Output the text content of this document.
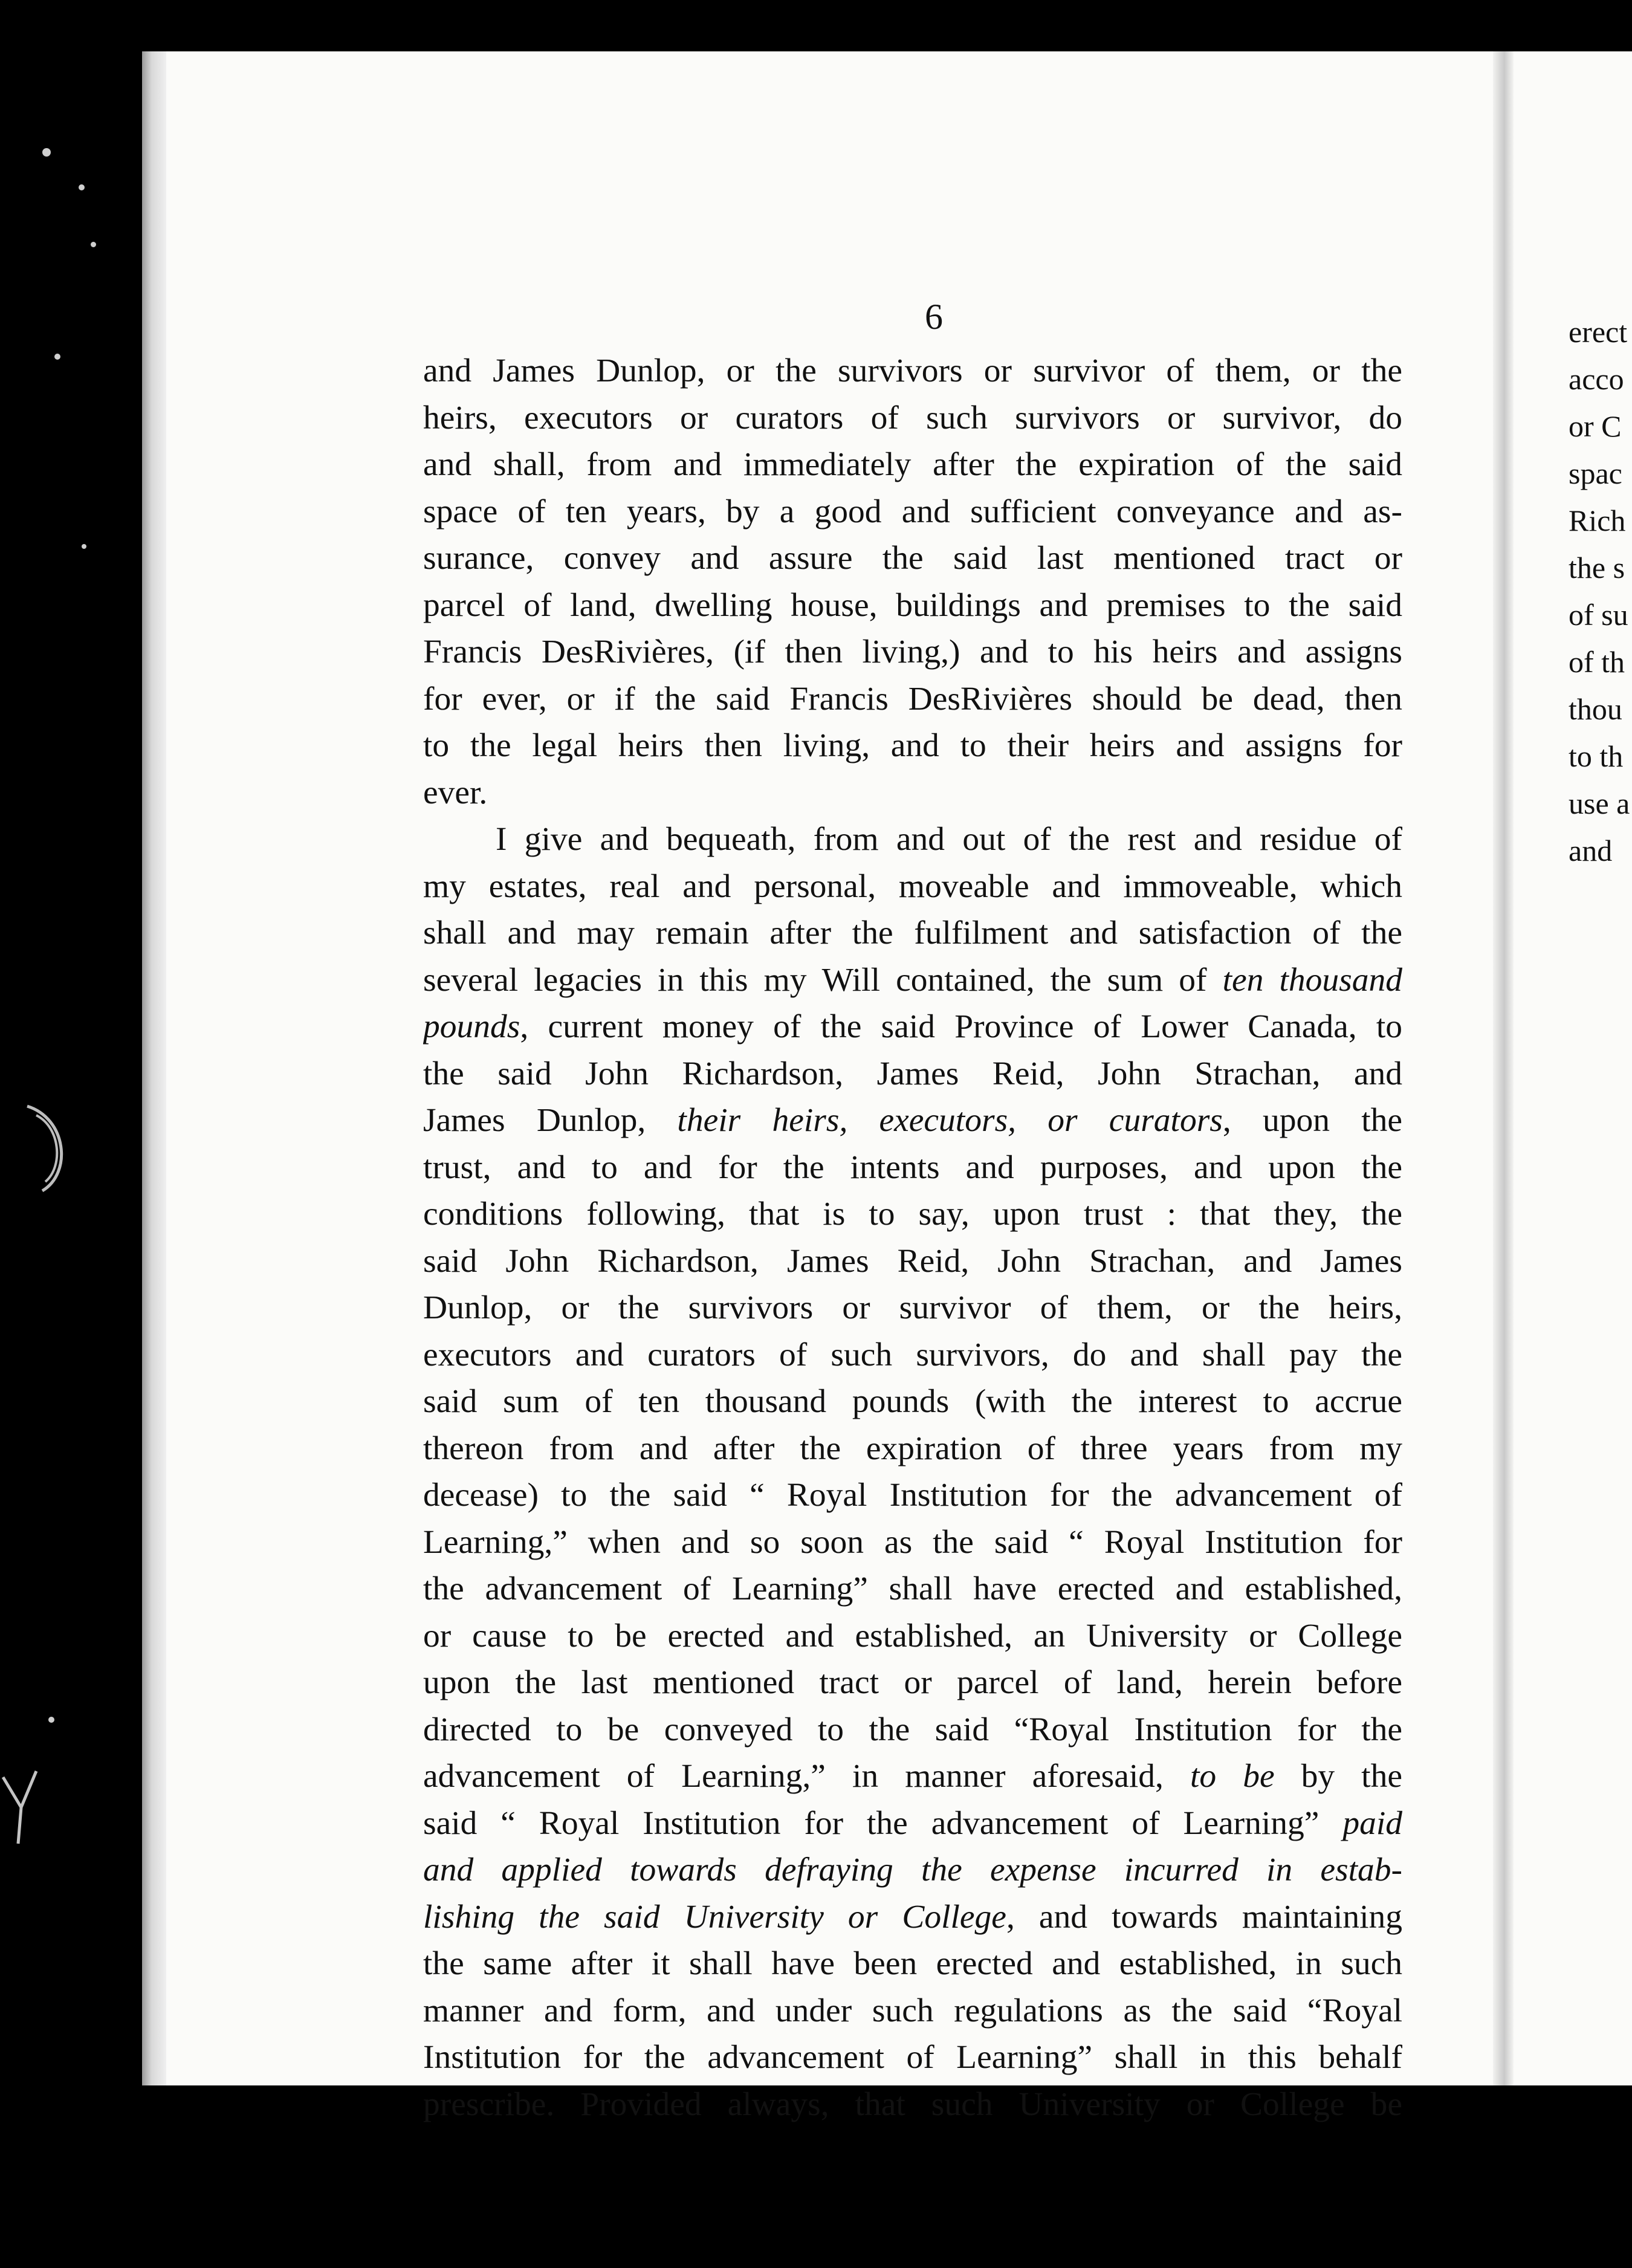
6
and James Dunlop, or the survivors or survivor of them, or the
heirs, executors or curators of such survivors or survivor, do
and shall, from and immediately after the expiration of the said
space of ten years, by a good and sufficient conveyance and as-
surance, convey and assure the said last mentioned tract or
parcel of land, dwelling house, buildings and premises to the said
Francis DesRivières, (if then living,) and to his heirs and assigns
for ever, or if the said Francis DesRivières should be dead, then
to the legal heirs then living, and to their heirs and assigns for
ever.
I give and bequeath, from and out of the rest and residue of
my estates, real and personal, moveable and immoveable, which
shall and may remain after the fulfilment and satisfaction of the
several legacies in this my Will contained, the sum of ten thousand
pounds, current money of the said Province of Lower Canada, to
the said John Richardson, James Reid, John Strachan, and
James Dunlop, their heirs, executors, or curators, upon the
trust, and to and for the intents and purposes, and upon the
conditions following, that is to say, upon trust : that they, the
said John Richardson, James Reid, John Strachan, and James
Dunlop, or the survivors or survivor of them, or the heirs,
executors and curators of such survivors, do and shall pay the
said sum of ten thousand pounds (with the interest to accrue
thereon from and after the expiration of three years from my
decease) to the said “ Royal Institution for the advancement of
Learning,” when and so soon as the said “ Royal Institution for
the advancement of Learning” shall have erected and established,
or cause to be erected and established, an University or College
upon the last mentioned tract or parcel of land, herein before
directed to be conveyed to the said “Royal Institution for the
advancement of Learning,” in manner aforesaid, to be by the
said “ Royal Institution for the advancement of Learning” paid
and applied towards defraying the expense incurred in estab-
lishing the said University or College, and towards maintaining
the same after it shall have been erected and established, in such
manner and form, and under such regulations as the said “Royal
Institution for the advancement of Learning” shall in this behalf
prescribe. Provided always, that such University or College be
erect
acco
or C
spac
Rich
the s
of su
of th
thou
to th
use a
and
